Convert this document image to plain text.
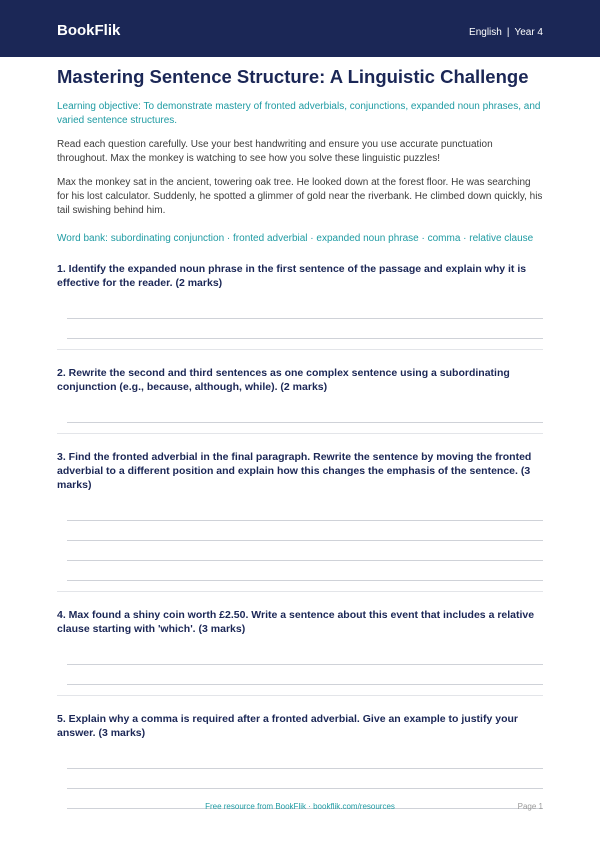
BookFlik	English | Year 4
Mastering Sentence Structure: A Linguistic Challenge

Learning objective: To demonstrate mastery of fronted adverbials, conjunctions, expanded noun phrases, and varied sentence structures.

Read each question carefully. Use your best handwriting and ensure you use accurate punctuation throughout. Max the monkey is watching to see how you solve these linguistic puzzles!

Max the monkey sat in the ancient, towering oak tree. He looked down at the forest floor. He was searching for his lost calculator. Suddenly, he spotted a glimmer of gold near the riverbank. He climbed down quickly, his tail swishing behind him.

Word bank: subordinating conjunction · fronted adverbial · expanded noun phrase · comma · relative clause

1. Identify the expanded noun phrase in the first sentence of the passage and explain why it is effective for the reader. (2 marks)

2. Rewrite the second and third sentences as one complex sentence using a subordinating conjunction (e.g., because, although, while). (2 marks)

3. Find the fronted adverbial in the final paragraph. Rewrite the sentence by moving the fronted adverbial to a different position and explain how this changes the emphasis of the sentence. (3 marks)

4. Max found a shiny coin worth £2.50. Write a sentence about this event that includes a relative clause starting with 'which'. (3 marks)

5. Explain why a comma is required after a fronted adverbial. Give an example to justify your answer. (3 marks)

Free resource from BookFlik · bookflik.com/resources	Page 1
